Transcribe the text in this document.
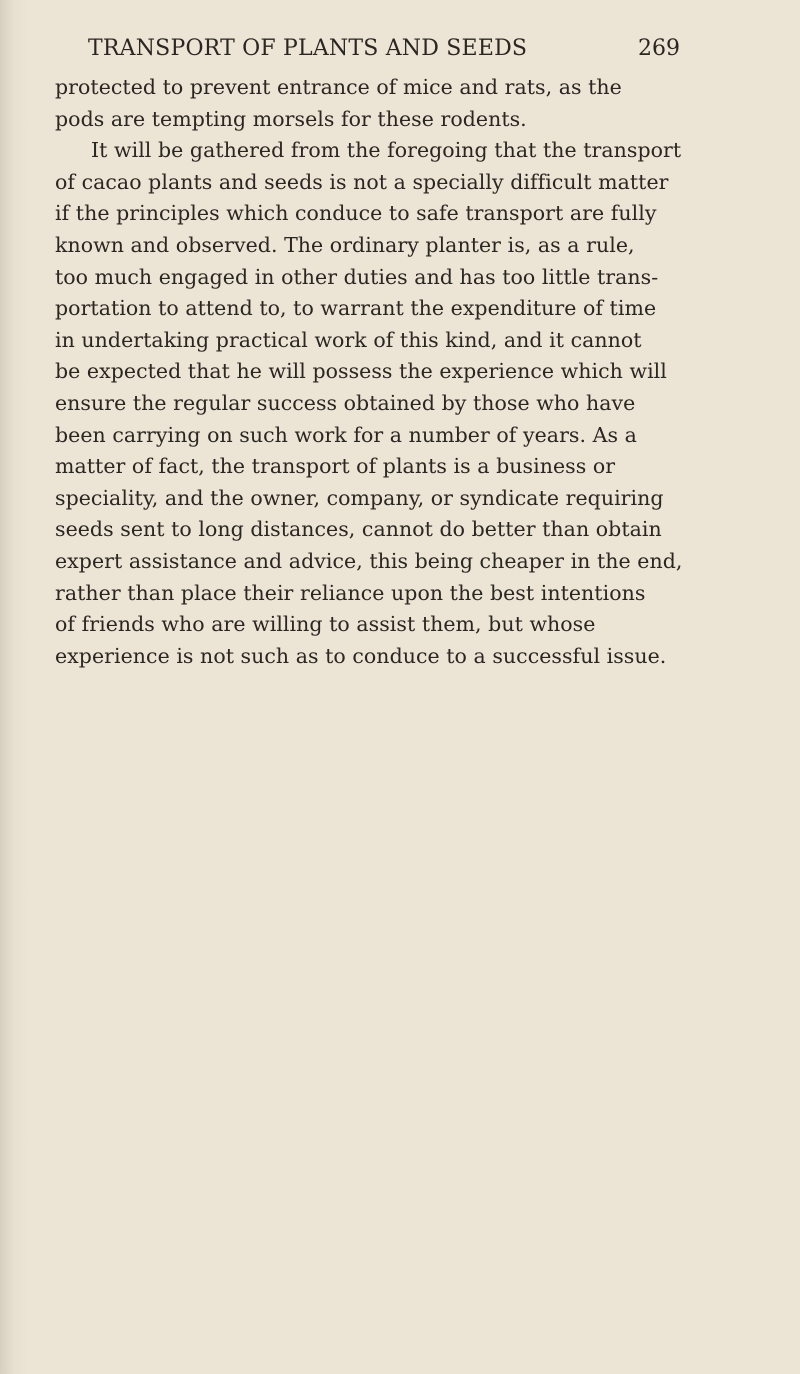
TRANSPORT OF PLANTS AND SEEDS	269
protected to prevent entrance of mice and rats, as the
pods are tempting morsels for these rodents.
It will be gathered from the foregoing that the transport
of cacao plants and seeds is not a specially difficult matter
if the principles which conduce to safe transport are fully
known and observed. The ordinary planter is, as a rule,
too much engaged in other duties and has too little trans-
portation to attend to, to warrant the expenditure of time
in undertaking practical work of this kind, and it cannot
be expected that he will possess the experience which will
ensure the regular success obtained by those who have
been carrying on such work for a number of years. As a
matter of fact, the transport of plants is a business or
speciality, and the owner, company, or syndicate requiring
seeds sent to long distances, cannot do better than obtain
expert assistance and advice, this being cheaper in the end,
rather than place their reliance upon the best intentions
of friends who are willing to assist them, but whose
experience is not such as to conduce to a successful issue.
